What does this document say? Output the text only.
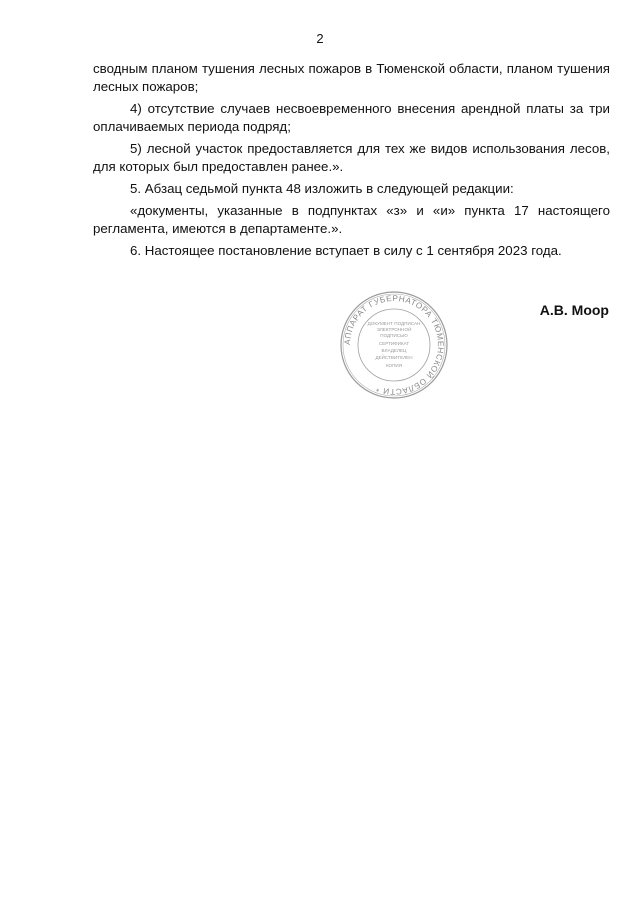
2

сводным планом тушения лесных пожаров в Тюменской области, планом тушения лесных пожаров;

4) отсутствие случаев несвоевременного внесения арендной платы за три оплачиваемых периода подряд;

5) лесной участок предоставляется для тех же видов использования лесов, для которых был предоставлен ранее.».

5. Абзац седьмой пункта 48 изложить в следующей редакции:

«документы, указанные в подпунктах «з» и «и» пункта 17 настоящего регламента, имеются в департаменте.».

6. Настоящее постановление вступает в силу с 1 сентября 2023 года.

АППАРАТ ГУБЕРНАТОРА ТЮМЕНСКОЙ ОБЛАСТИ *
ДОКУМЕНТ ПОДПИСАН
ЭЛЕКТРОННОЙ
ПОДПИСЬЮ
СЕРТИФИКАТ
ВЛАДЕЛЕЦ
ДЕЙСТВИТЕЛЕН
КОПИЯ
А.В. Моор
